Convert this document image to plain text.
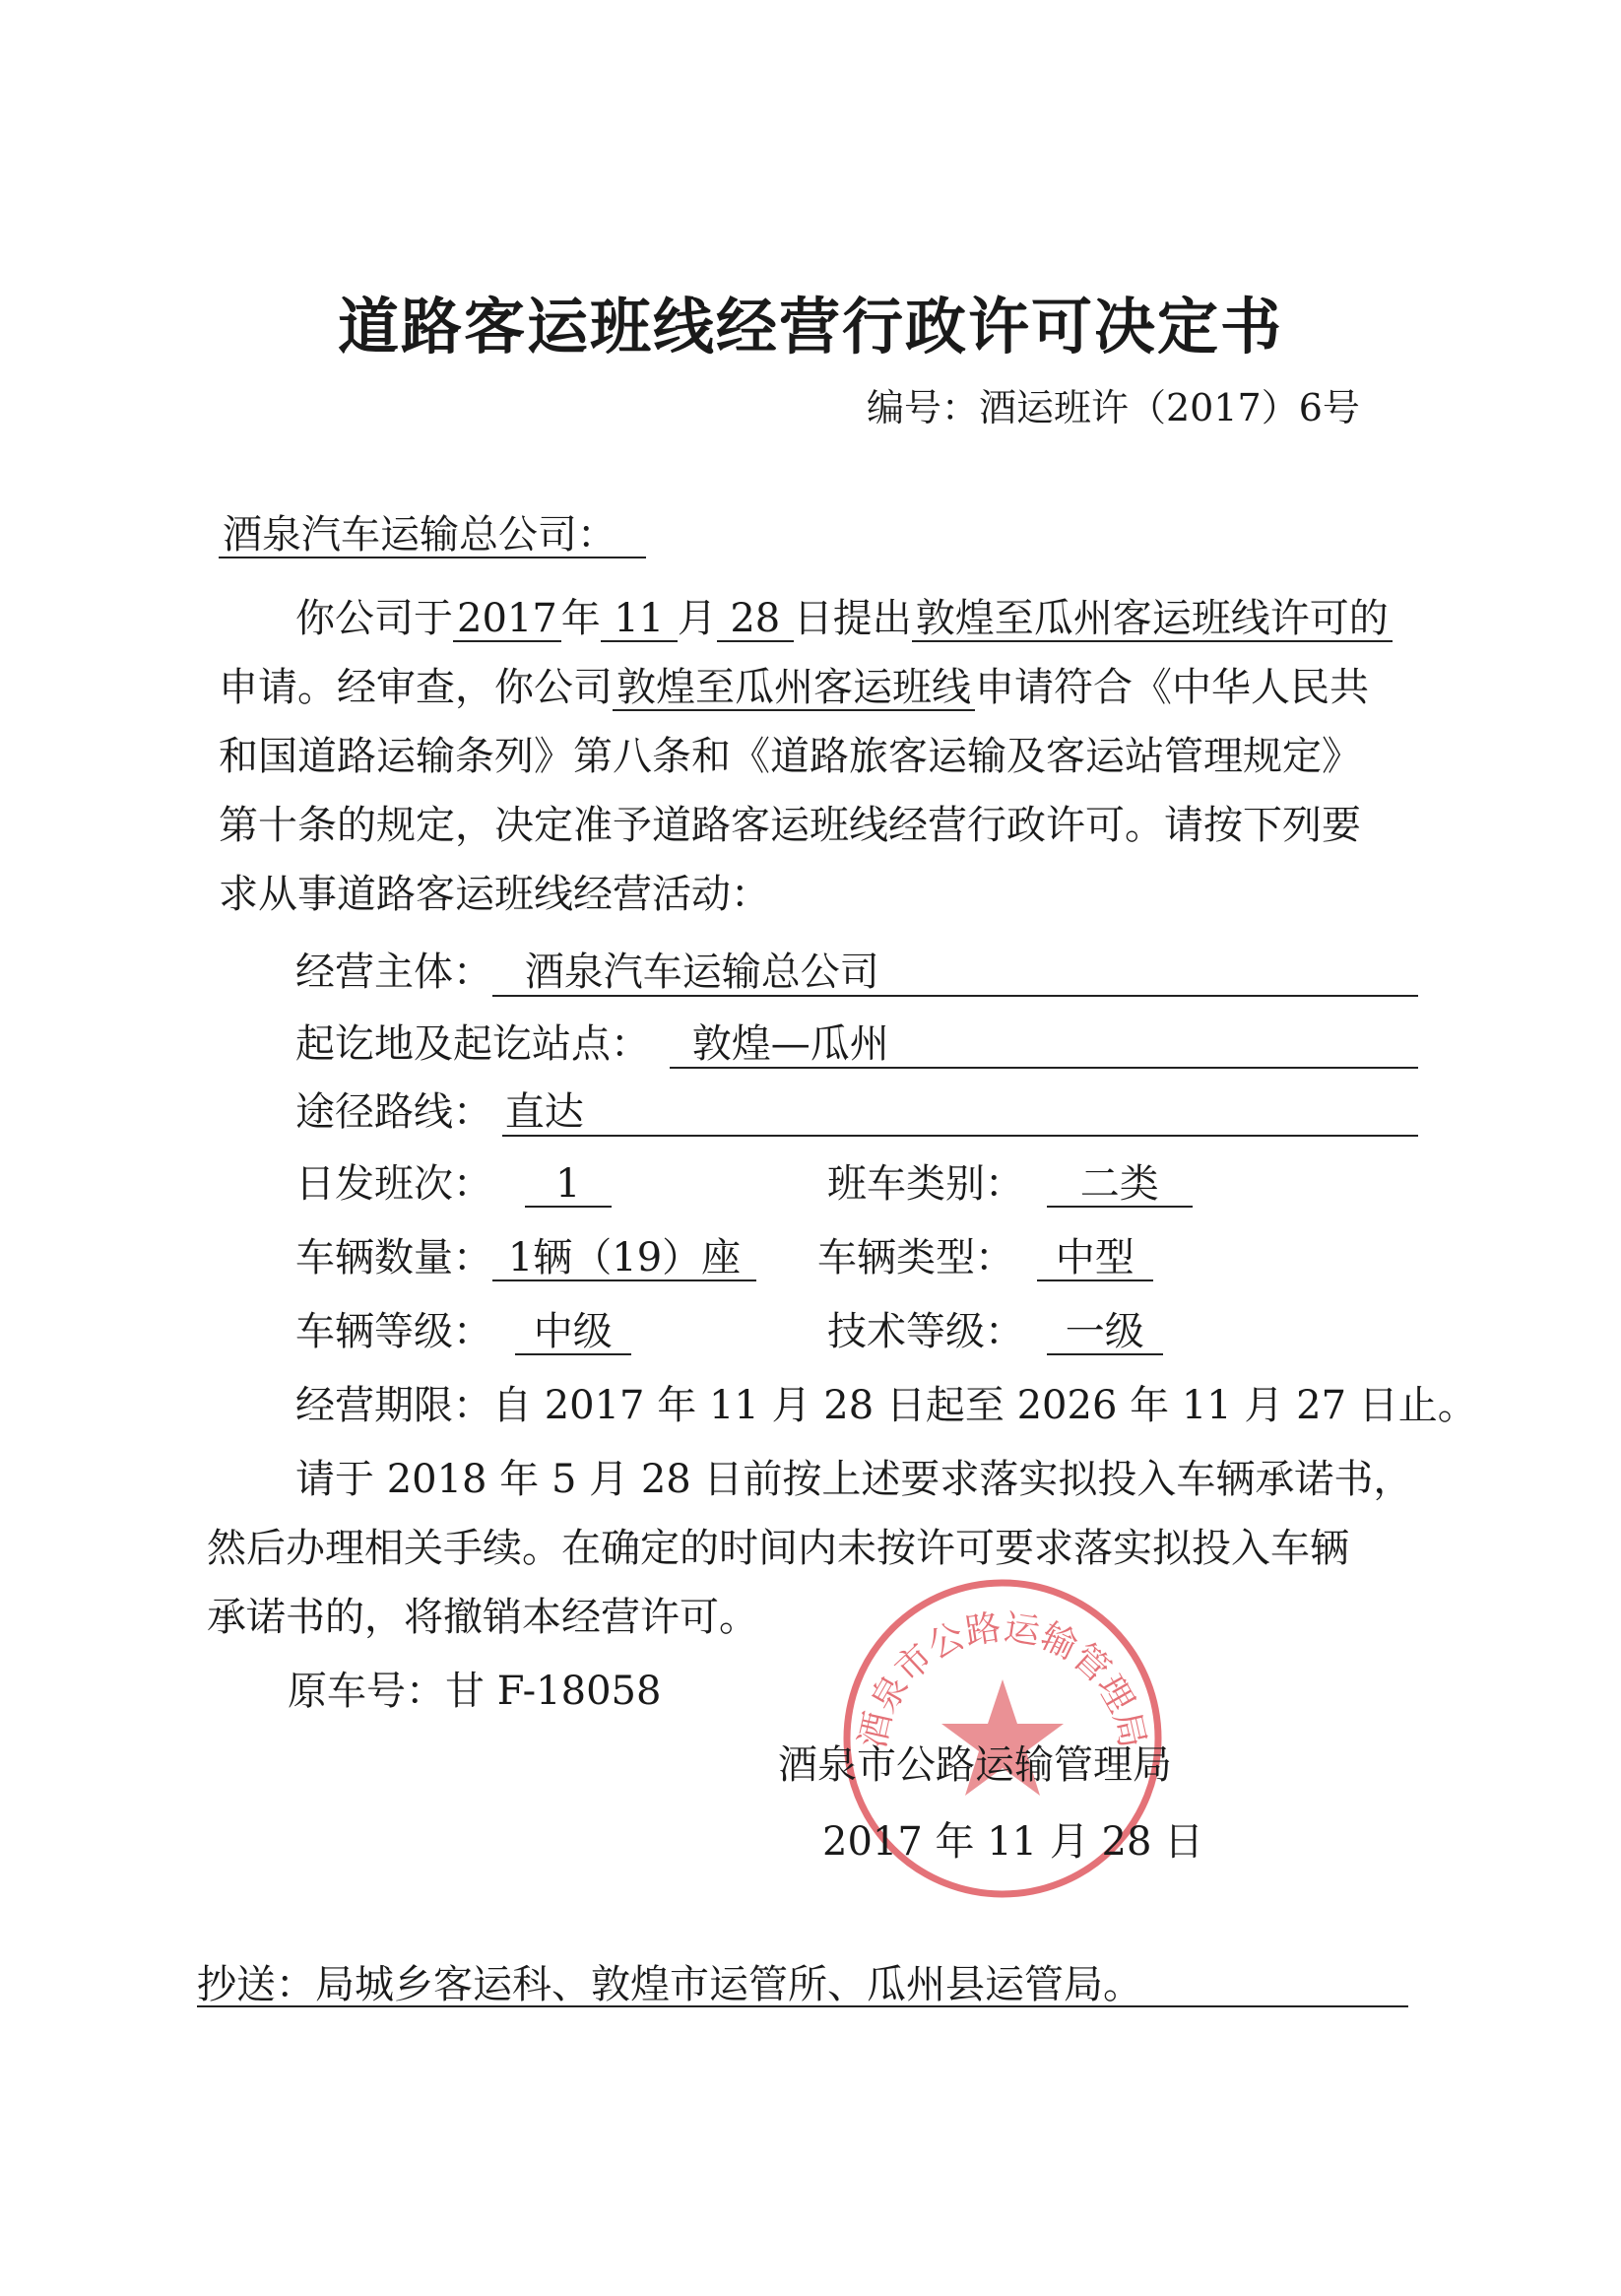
道路客运班线经营行政许可决定书
编号：酒运班许（2017）6号
酒泉汽车运输总公司：
你公司于 2017 年 11 月 28 日提出 敦煌至瓜州客运班线许可的
申请。经审查，你公司 敦煌至瓜州客运班线 申请符合《中华人民共
和国道路运输条列》第八条和《道路旅客运输及客运站管理规定》
第十条的规定，决定准予道路客运班线经营行政许可。请按下列要
求从事道路客运班线经营活动：
经营主体： 酒泉汽车运输总公司
起讫地及起讫站点： 敦煌—瓜州
途径路线： 直达
日发班次： 1	班车类别： 二类
车辆数量： 1辆（19）座	车辆类型： 中型
车辆等级： 中级	技术等级： 一级
经营期限：自 2017 年 11 月 28 日起至 2026 年 11 月 27 日止。
请于 2018 年 5 月 28 日前按上述要求落实拟投入车辆承诺书，
然后办理相关手续。在确定的时间内未按许可要求落实拟投入车辆
承诺书的，将撤销本经营许可。
原车号：甘 F-18058
酒泉市公路运输管理局
酒泉市公路运输管理局
2017 年 11 月 28 日
抄送：局城乡客运科、敦煌市运管所、瓜州县运管局。
